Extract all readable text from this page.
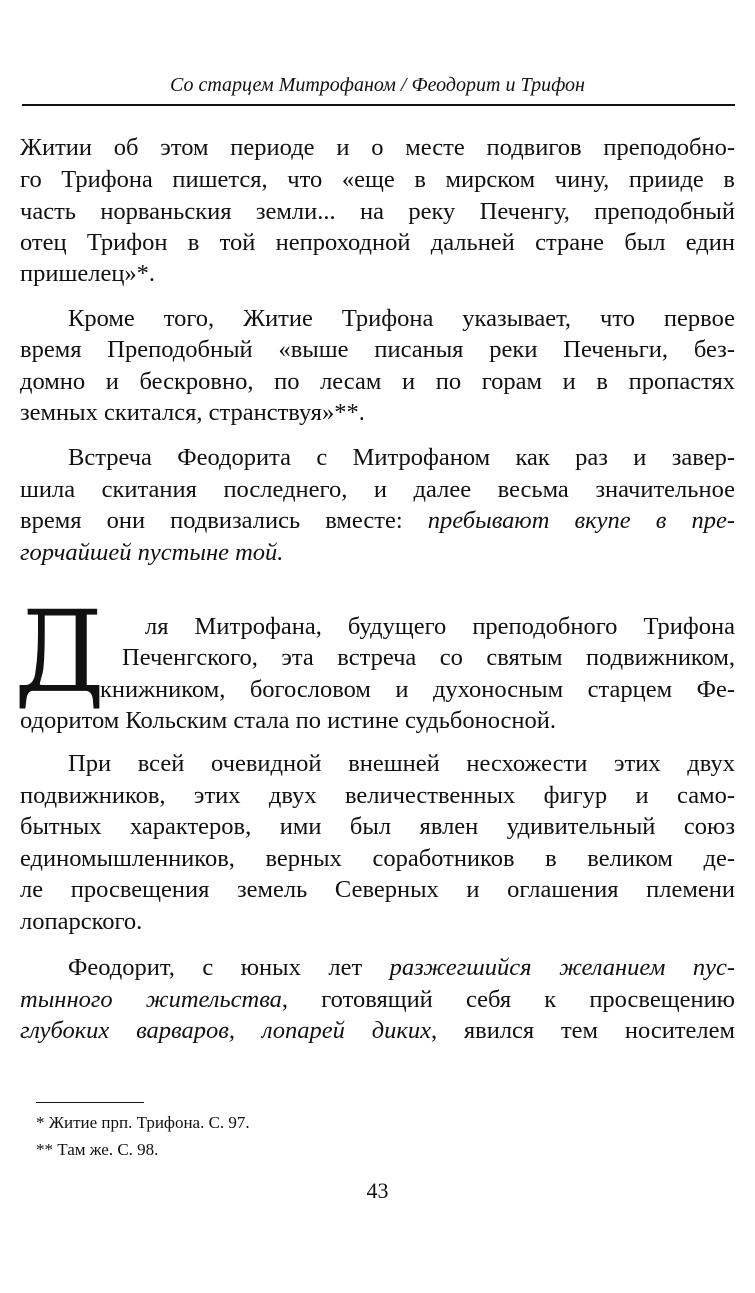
Со старцем Митрофаном / Феодорит и Трифон
Д
Житии об этом периоде и о месте подвигов преподобно-
го Трифона пишется, что «еще в мирском чину, прииде в
часть норваньския земли... на реку Печенгу, преподобный
отец Трифон в той непроходной дальней стране был един
пришелец»*.
Кроме того, Житие Трифона указывает, что первое
время Преподобный «выше писаныя реки Печеньги, без-
домно и бескровно, по лесам и по горам и в пропастях
земных скитался, странствуя»**.
Встреча Феодорита с Митрофаном как раз и завер-
шила скитания последнего, и далее весьма значительное
время они подвизались вместе: пребывают вкупе в пре-
горчайшей пустыне той.
ля Митрофана, будущего преподобного Трифона
Печенгского, эта встреча со святым подвижником,
книжником, богословом и духоносным старцем Фе-
одоритом Кольским стала по истине судьбоносной.
При всей очевидной внешней несхожести этих двух
подвижников, этих двух величественных фигур и само-
бытных характеров, ими был явлен удивительный союз
единомышленников, верных соработников в великом де-
ле просвещения земель Северных и оглашения племени
лопарского.
Феодорит, с юных лет разжегшийся желанием пус-
тынного жительства, готовящий себя к просвещению
глубоких варваров, лопарей диких, явился тем носителем
* Житие прп. Трифона. С. 97.
** Там же. С. 98.
43
